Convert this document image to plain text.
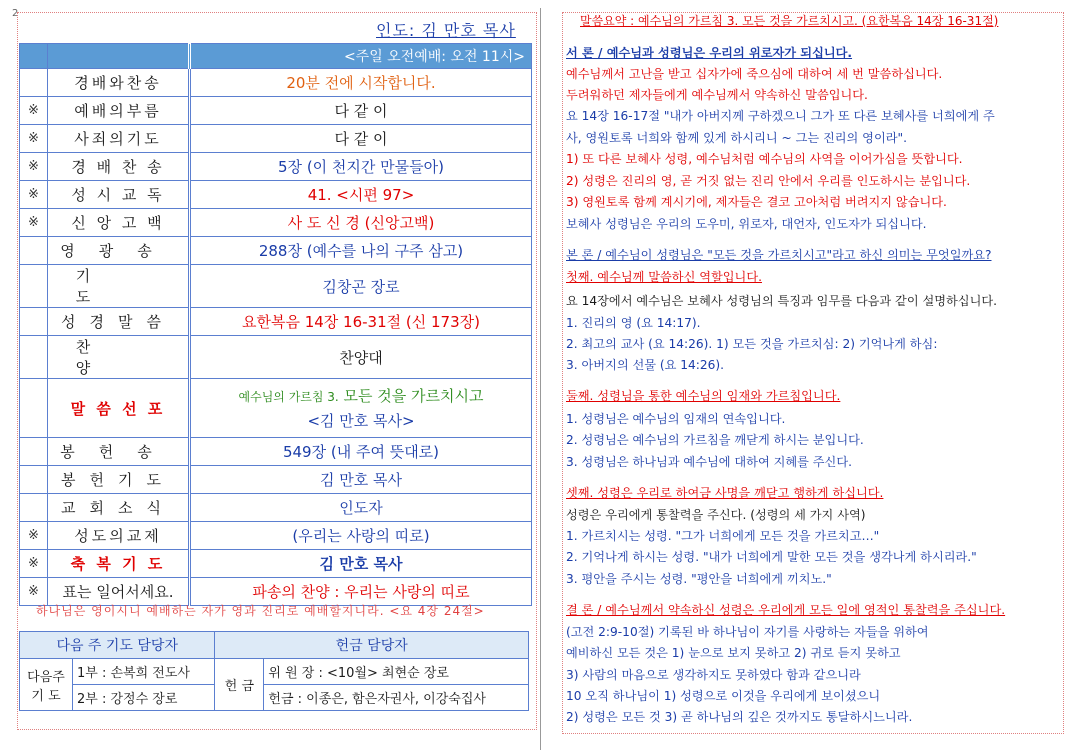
2
인도: 김 만호 목사
		<주일 오전예배: 오전 11시>
	경배와찬송	20분 전에 시작합니다.
※	예배의부름	다 같 이
※	사죄의기도	다 같 이
※	경 배 찬 송	5장 (이 천지간 만물들아)
※	성 시 교 독	41. <시편 97>
※	신 앙 고 백	사 도 신 경 (신앙고백)
	영광송	288장 (예수를 나의 구주 삼고)
	기도	김창곤 장로
	성경말씀	요한복음 14장 16-31절 (신 173장)
	찬양	찬양대
	말 씀 선 포	예수님의 가르침 3. 모든 것을 가르치시고
<김 만호 목사>

	봉헌송	549장 (내 주여 뜻대로)
	봉헌기도	김 만호 목사
	교회소식	인도자
※	성도의교제	(우리는 사랑의 띠로)
※	축 복 기 도	김 만호 목사
※	표는 일어서세요.	파송의 찬양 : 우리는 사랑의 띠로
하나님은 영이시니 예배하는 자가 영과 진리로 예배할지니라. <요 4장 24절>
다음 주 기도 담당자		헌금 담당자	
다음주 기 도	1부 : 손복희 전도사	헌 금	위 원 장 : <10월> 최현순 장로
	2부 : 강정수 장로		헌금 : 이종은, 함은자권사, 이강숙집사
말씀요약 : 예수님의 가르침 3. 모든 것을 가르치시고. (요한복음 14장 16-31절)
서 론 / 예수님과 성령님은 우리의 위로자가 되십니다.
예수님께서 고난을 받고 십자가에 죽으심에 대하여 세 번 말씀하십니다.
두려워하던 제자들에게 예수님께서 약속하신 말씀입니다.
요 14장 16-17절 "내가 아버지께 구하겠으니 그가 또 다른 보혜사를 너희에게 주
사, 영원토록 너희와 함께 있게 하시리니 ~ 그는 진리의 영이라".
1) 또 다른 보혜사 성령, 예수님처럼 예수님의 사역을 이어가심을 뜻합니다.
2) 성령은 진리의 영, 곧 거짓 없는 진리 안에서 우리를 인도하시는 분입니다.
3) 영원토록 함께 계시기에, 제자들은 결코 고아처럼 버려지지 않습니다.
보혜사 성령님은 우리의 도우미, 위로자, 대언자, 인도자가 되십니다.
본 론 / 예수님이 성령님은 "모든 것을 가르치시고"라고 하신 의미는 무엇일까요?
첫째. 예수님께 말씀하신 역할입니다.
요 14장에서 예수님은 보혜사 성령님의 특징과 임무를 다음과 같이 설명하십니다.
1. 진리의 영 (요 14:17).
2. 최고의 교사 (요 14:26). 1) 모든 것을 가르치심: 2) 기억나게 하심:
3. 아버지의 선물 (요 14:26).
둘째. 성령님을 통한 예수님의 임재와 가르침입니다.
1. 성령님은 예수님의 임재의 연속입니다.
2. 성령님은 예수님의 가르침을 깨닫게 하시는 분입니다.
3. 성령님은 하나님과 예수님에 대하여 지혜를 주신다.
셋째. 성령은 우리로 하여금 사명을 깨닫고 행하게 하십니다.
성령은 우리에게 통찰력을 주신다. (성령의 세 가지 사역)
1. 가르치시는 성령. "그가 너희에게 모든 것을 가르치고…"
2. 기억나게 하시는 성령. "내가 너희에게 말한 모든 것을 생각나게 하시리라."
3. 평안을 주시는 성령. "평안을 너희에게 끼치노."
결 론 / 예수님께서 약속하신 성령은 우리에게 모든 일에 영적인 통찰력을 주십니다.
(고전 2:9-10절) 기록된 바 하나님이 자기를 사랑하는 자들을 위하여
예비하신 모든 것은 1) 눈으로 보지 못하고 2) 귀로 듣지 못하고
3) 사람의 마음으로 생각하지도 못하였다 함과 같으니라
10 오직 하나님이 1) 성령으로 이것을 우리에게 보이셨으니
2) 성령은 모든 것 3) 곧 하나님의 깊은 것까지도 통달하시느니라.
